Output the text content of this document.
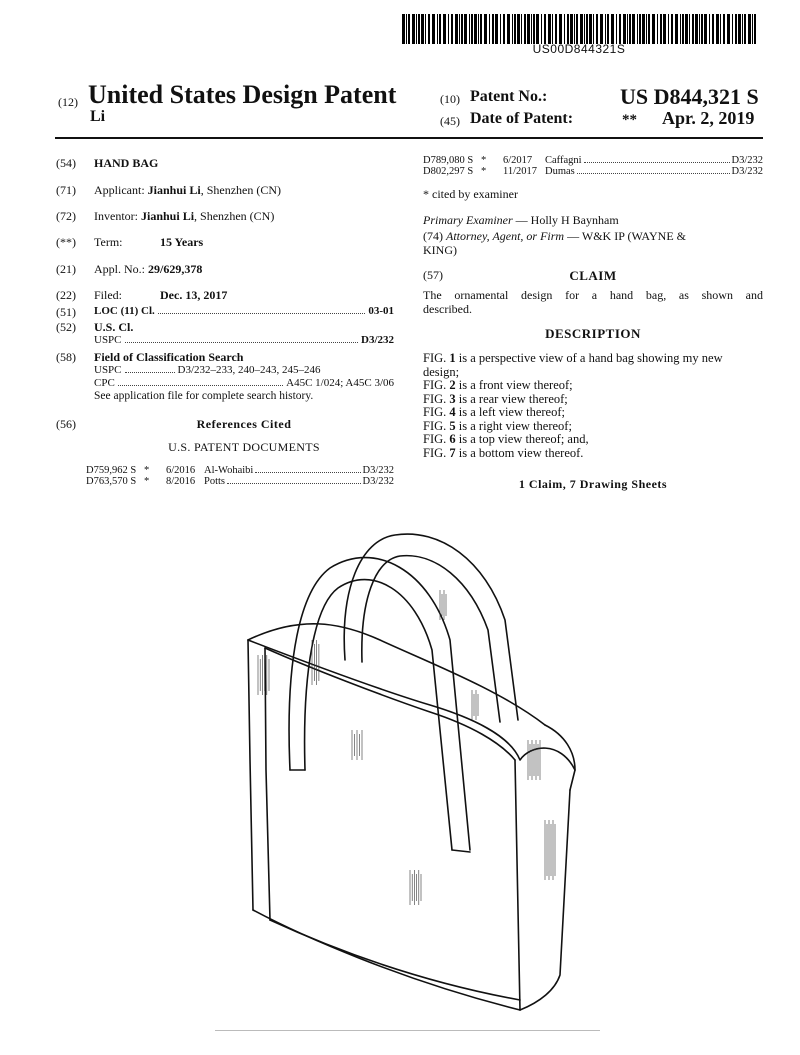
US00D844321S
(12) United States Design Patent
Li
(10) Patent No.:	US D844,321 S
(45) Date of Patent:	** Apr. 2, 2019
(54) HAND BAG
(71) Applicant: Jianhui Li, Shenzhen (CN)
(72) Inventor: Jianhui Li, Shenzhen (CN)
(**) Term:	15 Years
(21) Appl. No.: 29/629,378
(22) Filed:	Dec. 13, 2017
(51) LOC (11) Cl.	03-01
(52) U.S. Cl.
USPC	D3/232
(58) Field of Classification Search
USPC	D3/232–233, 240–243, 245–246
CPC	A45C 1/024; A45C 3/06
See application file for complete search history.
(56)	References Cited
U.S. PATENT DOCUMENTS
D759,962 S *	6/2016 Al-Wohaibi	D3/232
D763,570 S *	8/2016 Potts	D3/232
D789,080 S *	6/2017	Caffagni	D3/232
D802,297 S *	11/2017 Dumas	D3/232
* cited by examiner
Primary Examiner — Holly H Baynham
(74) Attorney, Agent, or Firm — W&K IP (WAYNE &
KING)
(57)	CLAIM
The ornamental design for a hand bag, as shown and
described.
DESCRIPTION
FIG. 1 is a perspective view of a hand bag showing my new
design;
FIG. 2 is a front view thereof;
FIG. 3 is a rear view thereof;
FIG. 4 is a left view thereof;
FIG. 5 is a right view thereof;
FIG. 6 is a top view thereof; and,
FIG. 7 is a bottom view thereof.
1 Claim, 7 Drawing Sheets
